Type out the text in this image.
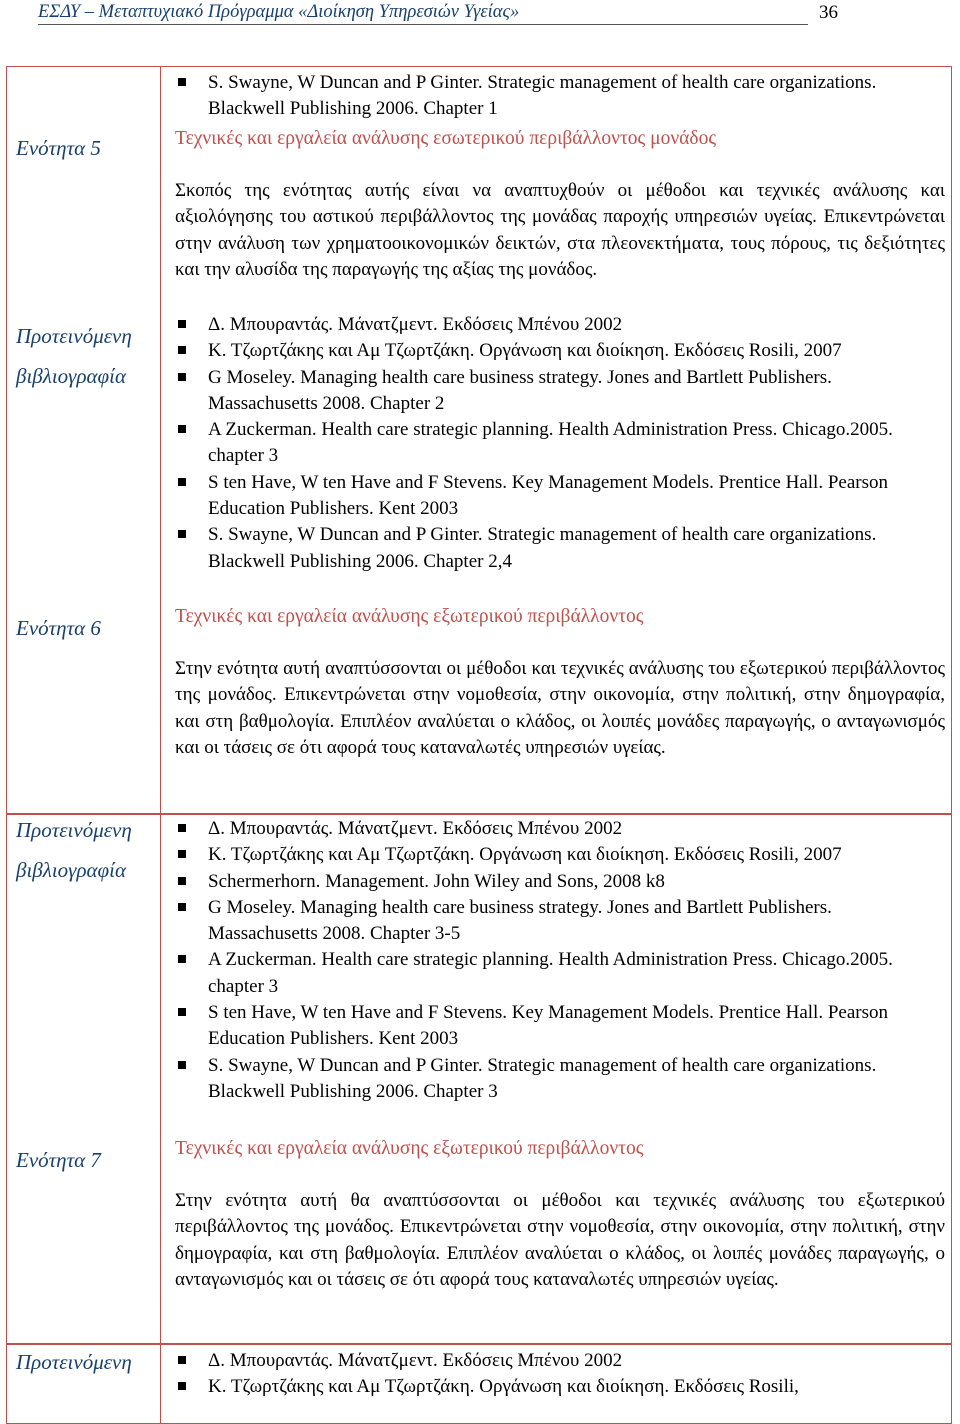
ΕΣΔΥ – Μεταπτυχιακό Πρόγραμμα «Διοίκηση Υπηρεσιών Υγείας»	36
Ενότητα 5
Προτεινόμενη
βιβλιογραφία
Ενότητα 6
Προτεινόμενη
βιβλιογραφία
Ενότητα 7
Προτεινόμενη
S. Swayne, W Duncan and P Ginter. Strategic management of health care organizations. Blackwell Publishing 2006. Chapter 1
Τεχνικές και εργαλεία ανάλυσης εσωτερικού περιβάλλοντος μονάδος

Σκοπός της ενότητας αυτής είναι να αναπτυχθούν οι μέθοδοι και τεχνικές ανάλυσης και αξιολόγησης του αστικού περιβάλλοντος της μονάδας παροχής υπηρεσιών υγείας. Επικεντρώνεται στην ανάλυση των χρηματοοικονομικών δεικτών, στα πλεονεκτήματα, τους πόρους, τις δεξιότητες και την αλυσίδα της παραγωγής της αξίας της μονάδος.

Δ. Μπουραντάς. Μάνατζμεντ. Εκδόσεις Μπένου 2002
Κ. Τζωρτζάκης και Αμ Τζωρτζάκη. Οργάνωση και διοίκηση. Εκδόσεις Rosili, 2007
G Moseley. Managing health care business strategy. Jones and Bartlett Publishers. Massachusetts 2008. Chapter 2
A Zuckerman. Health care strategic planning. Health Administration Press. Chicago.2005. chapter 3
S ten Have, W ten Have and F Stevens. Key Management Models. Prentice Hall. Pearson Education Publishers. Kent 2003
S. Swayne, W Duncan and P Ginter. Strategic management of health care organizations. Blackwell Publishing 2006. Chapter 2,4
Τεχνικές και εργαλεία ανάλυσης εξωτερικού περιβάλλοντος

Στην ενότητα αυτή αναπτύσσονται οι μέθοδοι και τεχνικές ανάλυσης του εξωτερικού περιβάλλοντος της μονάδος. Επικεντρώνεται στην νομοθεσία, στην οικονομία, στην πολιτική, στην δημογραφία, και στη βαθμολογία. Επιπλέον αναλύεται ο κλάδος, οι λοιπές μονάδες παραγωγής, ο ανταγωνισμός και οι τάσεις σε ότι αφορά τους καταναλωτές υπηρεσιών υγείας.

Δ. Μπουραντάς. Μάνατζμεντ. Εκδόσεις Μπένου 2002
Κ. Τζωρτζάκης και Αμ Τζωρτζάκη. Οργάνωση και διοίκηση. Εκδόσεις Rosili, 2007
Schermerhorn. Management. John Wiley and Sons, 2008 k8
G Moseley. Managing health care business strategy. Jones and Bartlett Publishers. Massachusetts 2008. Chapter 3-5
A Zuckerman. Health care strategic planning. Health Administration Press. Chicago.2005. chapter 3
S ten Have, W ten Have and F Stevens. Key Management Models. Prentice Hall. Pearson Education Publishers. Kent 2003
S. Swayne, W Duncan and P Ginter. Strategic management of health care organizations. Blackwell Publishing 2006. Chapter 3
Τεχνικές και εργαλεία ανάλυσης εξωτερικού περιβάλλοντος

Στην ενότητα αυτή θα αναπτύσσονται οι μέθοδοι και τεχνικές ανάλυσης του εξωτερικού περιβάλλοντος της μονάδος. Επικεντρώνεται στην νομοθεσία, στην οικονομία, στην πολιτική, στην δημογραφία, και στη βαθμολογία. Επιπλέον αναλύεται ο κλάδος, οι λοιπές μονάδες παραγωγής, ο ανταγωνισμός και οι τάσεις σε ότι αφορά τους καταναλωτές υπηρεσιών υγείας.

Δ. Μπουραντάς. Μάνατζμεντ. Εκδόσεις Μπένου 2002
Κ. Τζωρτζάκης και Αμ Τζωρτζάκη. Οργάνωση και διοίκηση. Εκδόσεις Rosili,
